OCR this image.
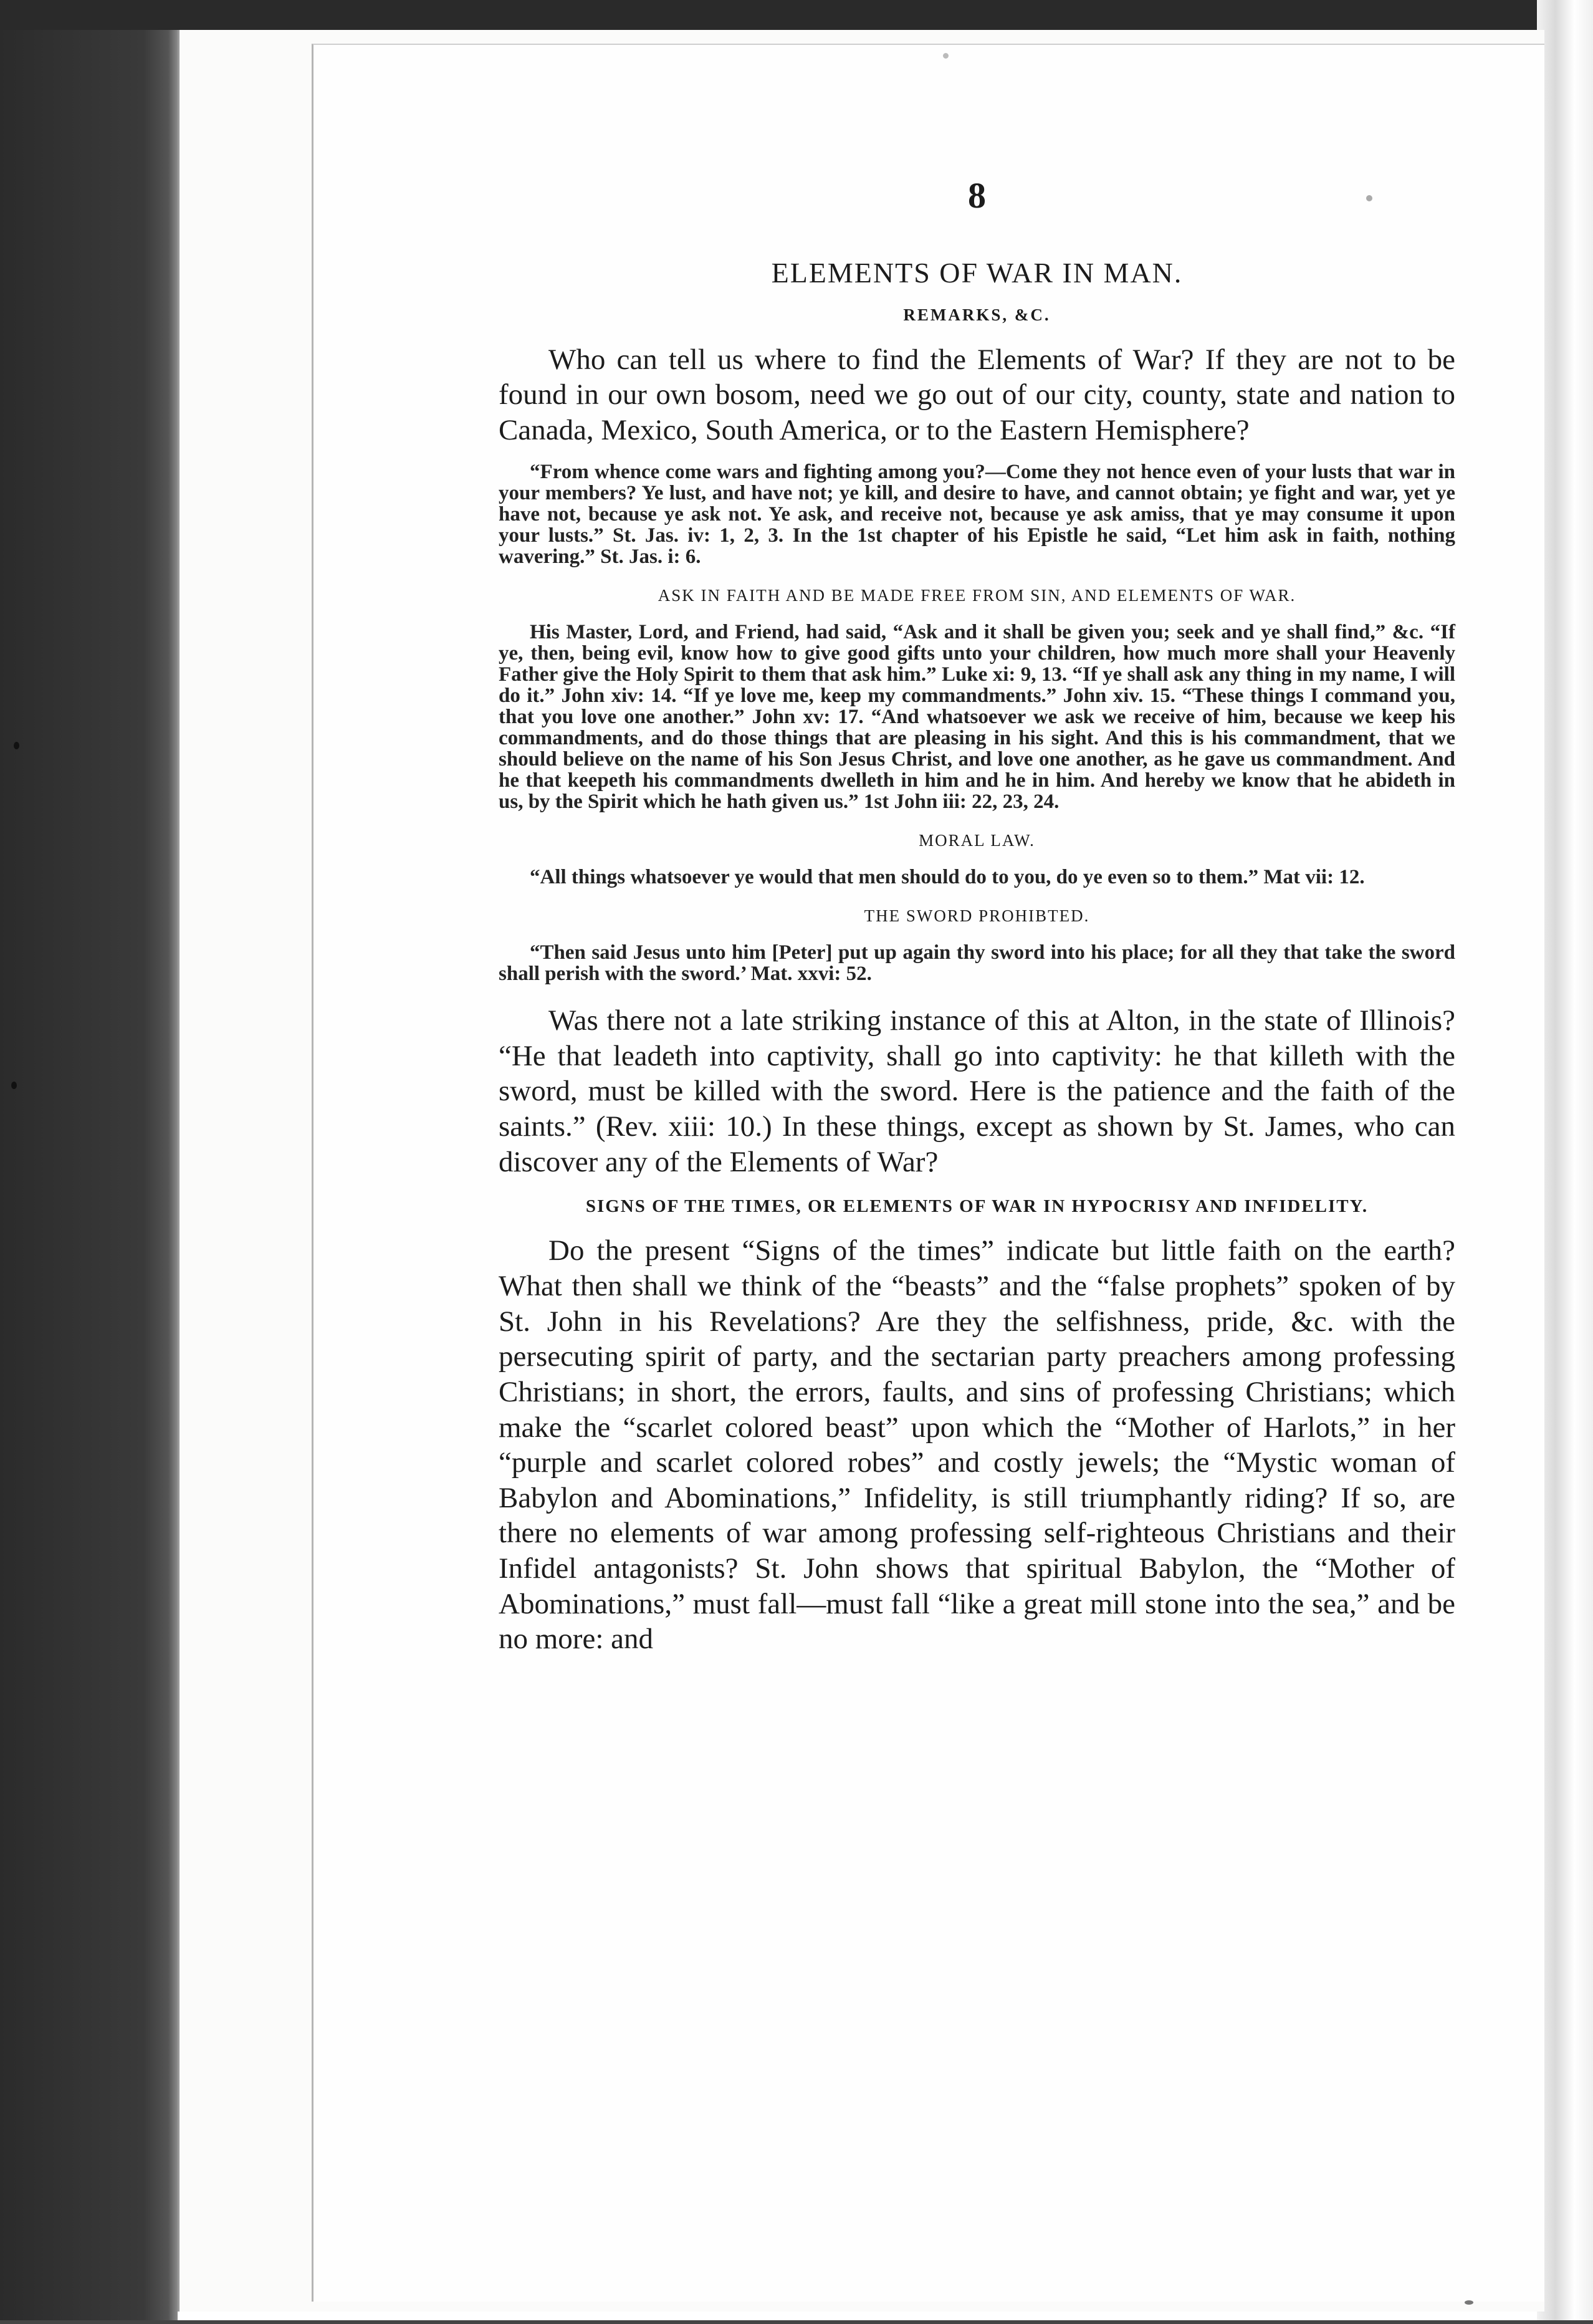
8
ELEMENTS OF WAR IN MAN.
REMARKS, &C.

Who can tell us where to find the Elements of War? If they are not to be found in our own bosom, need we go out of our city, county, state and nation to Canada, Mexico, South America, or to the Eastern Hemisphere?

“From whence come wars and fighting among you?—Come they not hence even of your lusts that war in your members? Ye lust, and have not; ye kill, and desire to have, and cannot obtain; ye fight and war, yet ye have not, because ye ask not. Ye ask, and receive not, because ye ask amiss, that ye may consume it upon your lusts.” St. Jas. iv: 1, 2, 3. In the 1st chapter of his Epistle he said, “Let him ask in faith, nothing wavering.” St. Jas. i: 6.

ASK IN FAITH AND BE MADE FREE FROM SIN, AND ELEMENTS OF WAR.

His Master, Lord, and Friend, had said, “Ask and it shall be given you; seek and ye shall find,” &c. “If ye, then, being evil, know how to give good gifts unto your children, how much more shall your Heavenly Father give the Holy Spirit to them that ask him.” Luke xi: 9, 13. “If ye shall ask any thing in my name, I will do it.” John xiv: 14. “If ye love me, keep my commandments.” John xiv. 15. “These things I command you, that you love one another.” John xv: 17. “And whatsoever we ask we receive of him, because we keep his commandments, and do those things that are pleasing in his sight. And this is his commandment, that we should believe on the name of his Son Jesus Christ, and love one another, as he gave us commandment. And he that keepeth his commandments dwelleth in him and he in him. And hereby we know that he abideth in us, by the Spirit which he hath given us.” 1st John iii: 22, 23, 24.

MORAL LAW.

“All things whatsoever ye would that men should do to you, do ye even so to them.” Mat vii: 12.

THE SWORD PROHIBTED.

“Then said Jesus unto him [Peter] put up again thy sword into his place; for all they that take the sword shall perish with the sword.’ Mat. xxvi: 52.

Was there not a late striking instance of this at Alton, in the state of Illinois? “He that leadeth into captivity, shall go into captivity: he that killeth with the sword, must be killed with the sword. Here is the patience and the faith of the saints.” (Rev. xiii: 10.) In these things, except as shown by St. James, who can discover any of the Elements of War?

SIGNS OF THE TIMES, OR ELEMENTS OF WAR IN HYPOCRISY AND INFIDELITY.

Do the present “Signs of the times” indicate but little faith on the earth? What then shall we think of the “beasts” and the “false prophets” spoken of by St. John in his Revelations? Are they the selfishness, pride, &c. with the persecuting spirit of party, and the sectarian party preachers among professing Christians; in short, the errors, faults, and sins of professing Christians; which make the “scarlet colored beast” upon which the “Mother of Harlots,” in her “purple and scarlet colored robes” and costly jewels; the “Mystic woman of Babylon and Abominations,” Infidelity, is still triumphantly riding? If so, are there no elements of war among professing self-righteous Christians and their Infidel antagonists? St. John shows that spiritual Babylon, the “Mother of Abominations,” must fall—must fall “like a great mill stone into the sea,” and be no more: and
